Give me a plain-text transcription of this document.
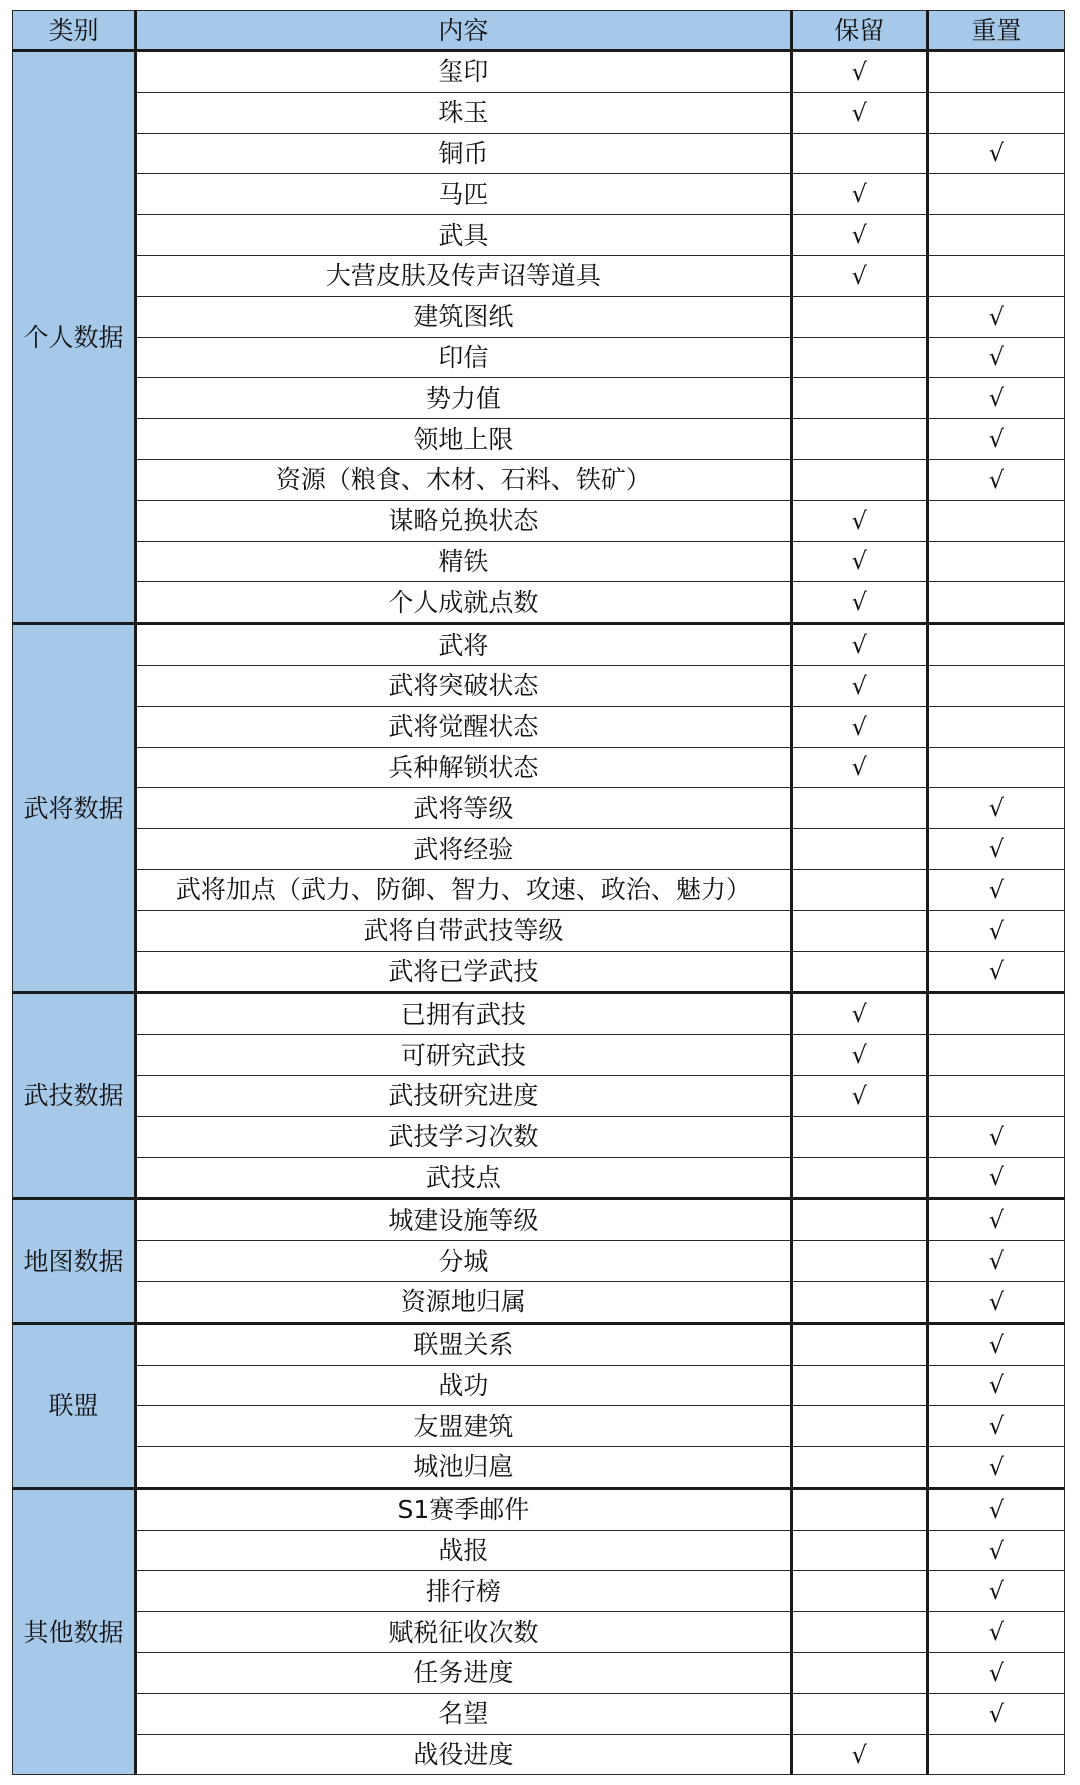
类别	内容	保留	重置
个人数据	玺印	√	
	珠玉	√	
	铜币		√
	马匹	√	
	武具	√	
	大营皮肤及传声诏等道具	√	
	建筑图纸		√
	印信		√
	势力值		√
	领地上限		√
	资源（粮食、木材、石料、铁矿）		√
	谋略兑换状态	√	
	精铁	√	
	个人成就点数	√	
武将数据	武将	√	
	武将突破状态	√	
	武将觉醒状态	√	
	兵种解锁状态	√	
	武将等级		√
	武将经验		√
	武将加点（武力、防御、智力、攻速、政治、魅力）		√
	武将自带武技等级		√
	武将已学武技		√
武技数据	已拥有武技	√	
	可研究武技	√	
	武技研究进度	√	
	武技学习次数		√
	武技点		√
地图数据	城建设施等级		√
	分城		√
	资源地归属		√
联盟	联盟关系		√
	战功		√
	友盟建筑		√
	城池归扈		√
其他数据	S1赛季邮件		√
	战报		√
	排行榜		√
	赋税征收次数		√
	任务进度		√
	名望		√
	战役进度	√	
